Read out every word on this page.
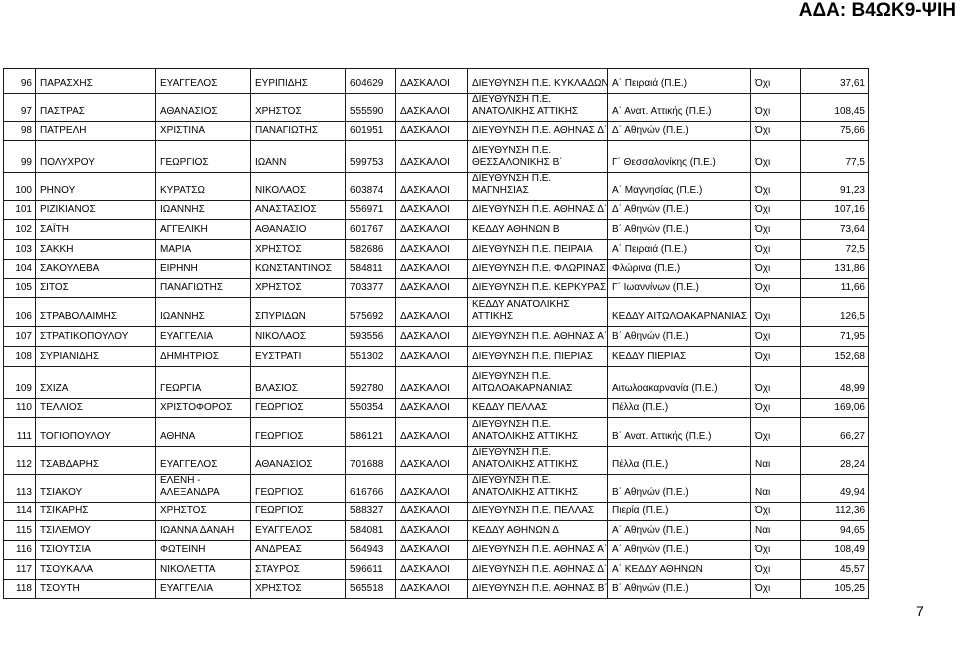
ΑΔΑ: Β4ΩΚ9-ΨΙΗ
96	ΠΑΡΑΣΧΗΣ	ΕΥΑΓΓΕΛΟΣ	ΕΥΡΙΠΙΔΗΣ	604629	ΔΑΣΚΑΛΟΙ	ΔΙΕΥΘΥΝΣΗ Π.Ε. ΚΥΚΛΑΔΩΝ	Α΄ Πειραιά (Π.Ε.)	Όχι	37,61
97	ΠΑΣΤΡΑΣ	ΑΘΑΝΑΣΙΟΣ	ΧΡΗΣΤΟΣ	555590	ΔΑΣΚΑΛΟΙ	ΔΙΕΥΘΥΝΣΗ Π.Ε.
ΑΝΑΤΟΛΙΚΗΣ ΑΤΤΙΚΗΣ	Α΄ Ανατ. Αττικής (Π.Ε.)	Όχι	108,45
98	ΠΑΤΡΕΛΗ	ΧΡΙΣΤΙΝΑ	ΠΑΝΑΓΙΩΤΗΣ	601951	ΔΑΣΚΑΛΟΙ	ΔΙΕΥΘΥΝΣΗ Π.Ε. ΑΘΗΝΑΣ Δ΄	Δ΄ Αθηνών (Π.Ε.)	Όχι	75,66
99	ΠΟΛΥΧΡΟΥ	ΓΕΩΡΓΙΟΣ	ΙΩΑΝΝ	599753	ΔΑΣΚΑΛΟΙ	ΔΙΕΥΘΥΝΣΗ Π.Ε.
ΘΕΣΣΑΛΟΝΙΚΗΣ Β΄	Γ΄ Θεσσαλονίκης (Π.Ε.)	Όχι	77,5
100	ΡΗΝΟΥ	ΚΥΡΑΤΣΩ	ΝΙΚΟΛΑΟΣ	603874	ΔΑΣΚΑΛΟΙ	ΔΙΕΥΘΥΝΣΗ Π.Ε.
ΜΑΓΝΗΣΙΑΣ	Α΄ Μαγνησίας (Π.Ε.)	Όχι	91,23
101	ΡΙΖΙΚΙΑΝΟΣ	ΙΩΑΝΝΗΣ	ΑΝΑΣΤΑΣΙΟΣ	556971	ΔΑΣΚΑΛΟΙ	ΔΙΕΥΘΥΝΣΗ Π.Ε. ΑΘΗΝΑΣ Δ΄	Δ΄ Αθηνών (Π.Ε.)	Όχι	107,16
102	ΣΑΪΤΗ	ΑΓΓΕΛΙΚΗ	ΑΘΑΝΑΣΙΟ	601767	ΔΑΣΚΑΛΟΙ	ΚΕΔΔΥ ΑΘΗΝΩΝ Β	Β΄ Αθηνών (Π.Ε.)	Όχι	73,64
103	ΣΑΚΚΗ	ΜΑΡΙΑ	ΧΡΗΣΤΟΣ	582686	ΔΑΣΚΑΛΟΙ	ΔΙΕΥΘΥΝΣΗ Π.Ε. ΠΕΙΡΑΙΑ	Α΄ Πειραιά (Π.Ε.)	Όχι	72,5
104	ΣΑΚΟΥΛΕΒΑ	ΕΙΡΗΝΗ	ΚΩΝΣΤΑΝΤΙΝΟΣ	584811	ΔΑΣΚΑΛΟΙ	ΔΙΕΥΘΥΝΣΗ Π.Ε. ΦΛΩΡΙΝΑΣ	Φλώρινα (Π.Ε.)	Όχι	131,86
105	ΣΙΤΟΣ	ΠΑΝΑΓΙΩΤΗΣ	ΧΡΗΣΤΟΣ	703377	ΔΑΣΚΑΛΟΙ	ΔΙΕΥΘΥΝΣΗ Π.Ε. ΚΕΡΚΥΡΑΣ	Γ΄ Ιωαννίνων (Π.Ε.)	Όχι	11,66
106	ΣΤΡΑΒΟΛΑΙΜΗΣ	ΙΩΑΝΝΗΣ	ΣΠΥΡΙΔΩΝ	575692	ΔΑΣΚΑΛΟΙ	ΚΕΔΔΥ ΑΝΑΤΟΛΙΚΗΣ
ΑΤΤΙΚΗΣ	ΚΕΔΔΥ ΑΙΤΩΛΟΑΚΑΡΝΑΝΙΑΣ	Όχι	126,5
107	ΣΤΡΑΤΙΚΟΠΟΥΛΟΥ	ΕΥΑΓΓΕΛΙΑ	ΝΙΚΟΛΑΟΣ	593556	ΔΑΣΚΑΛΟΙ	ΔΙΕΥΘΥΝΣΗ Π.Ε. ΑΘΗΝΑΣ Α΄	Β΄ Αθηνών (Π.Ε.)	Όχι	71,95
108	ΣΥΡΙΑΝΙΔΗΣ	ΔΗΜΗΤΡΙΟΣ	ΕΥΣΤΡΑΤΙ	551302	ΔΑΣΚΑΛΟΙ	ΔΙΕΥΘΥΝΣΗ Π.Ε. ΠΙΕΡΙΑΣ	ΚΕΔΔΥ ΠΙΕΡΙΑΣ	Όχι	152,68
109	ΣΧΙΖΑ	ΓΕΩΡΓΙΑ	ΒΛΑΣΙΟΣ	592780	ΔΑΣΚΑΛΟΙ	ΔΙΕΥΘΥΝΣΗ Π.Ε.
ΑΙΤΩΛΟΑΚΑΡΝΑΝΙΑΣ	Αιτωλοακαρνανία (Π.Ε.)	Όχι	48,99
110	ΤΕΛΛΙΟΣ	ΧΡΙΣΤΟΦΟΡΟΣ	ΓΕΩΡΓΙΟΣ	550354	ΔΑΣΚΑΛΟΙ	ΚΕΔΔΥ ΠΕΛΛΑΣ	Πέλλα (Π.Ε.)	Όχι	169,06
111	ΤΟΓΙΟΠΟΥΛΟΥ	ΑΘΗΝΑ	ΓΕΩΡΓΙΟΣ	586121	ΔΑΣΚΑΛΟΙ	ΔΙΕΥΘΥΝΣΗ Π.Ε.
ΑΝΑΤΟΛΙΚΗΣ ΑΤΤΙΚΗΣ	Β΄ Ανατ. Αττικής (Π.Ε.)	Όχι	66,27
112	ΤΣΑΒΔΑΡΗΣ	ΕΥΑΓΓΕΛΟΣ	ΑΘΑΝΑΣΙΟΣ	701688	ΔΑΣΚΑΛΟΙ	ΔΙΕΥΘΥΝΣΗ Π.Ε.
ΑΝΑΤΟΛΙΚΗΣ ΑΤΤΙΚΗΣ	Πέλλα (Π.Ε.)	Ναι	28,24
113	ΤΣΙΑΚΟΥ	ΕΛΕΝΗ -
ΑΛΕΞΑΝΔΡΑ	ΓΕΩΡΓΙΟΣ	616766	ΔΑΣΚΑΛΟΙ	ΔΙΕΥΘΥΝΣΗ Π.Ε.
ΑΝΑΤΟΛΙΚΗΣ ΑΤΤΙΚΗΣ	Β΄ Αθηνών (Π.Ε.)	Ναι	49,94
114	ΤΣΙΚΑΡΗΣ	ΧΡΗΣΤΟΣ	ΓΕΩΡΓΙΟΣ	588327	ΔΑΣΚΑΛΟΙ	ΔΙΕΥΘΥΝΣΗ Π.Ε. ΠΕΛΛΑΣ	Πιερία (Π.Ε.)	Όχι	112,36
115	ΤΣΙΛΕΜΟΥ	ΙΩΑΝΝΑ ΔΑΝΑΗ	ΕΥΑΓΓΕΛΟΣ	584081	ΔΑΣΚΑΛΟΙ	ΚΕΔΔΥ ΑΘΗΝΩΝ Δ	Α΄ Αθηνών (Π.Ε.)	Ναι	94,65
116	ΤΣΙΟΥΤΣΙΑ	ΦΩΤΕΙΝΗ	ΑΝΔΡΕΑΣ	564943	ΔΑΣΚΑΛΟΙ	ΔΙΕΥΘΥΝΣΗ Π.Ε. ΑΘΗΝΑΣ Α΄	Α΄ Αθηνών (Π.Ε.)	Όχι	108,49
117	ΤΣΟΥΚΑΛΑ	ΝΙΚΟΛΕΤΤΑ	ΣΤΑΥΡΟΣ	596611	ΔΑΣΚΑΛΟΙ	ΔΙΕΥΘΥΝΣΗ Π.Ε. ΑΘΗΝΑΣ Δ΄	Α΄ ΚΕΔΔΥ ΑΘΗΝΩΝ	Όχι	45,57
118	ΤΣΟΥΤΗ	ΕΥΑΓΓΕΛΙΑ	ΧΡΗΣΤΟΣ	565518	ΔΑΣΚΑΛΟΙ	ΔΙΕΥΘΥΝΣΗ Π.Ε. ΑΘΗΝΑΣ Β΄	Β΄ Αθηνών (Π.Ε.)	Όχι	105,25
7
